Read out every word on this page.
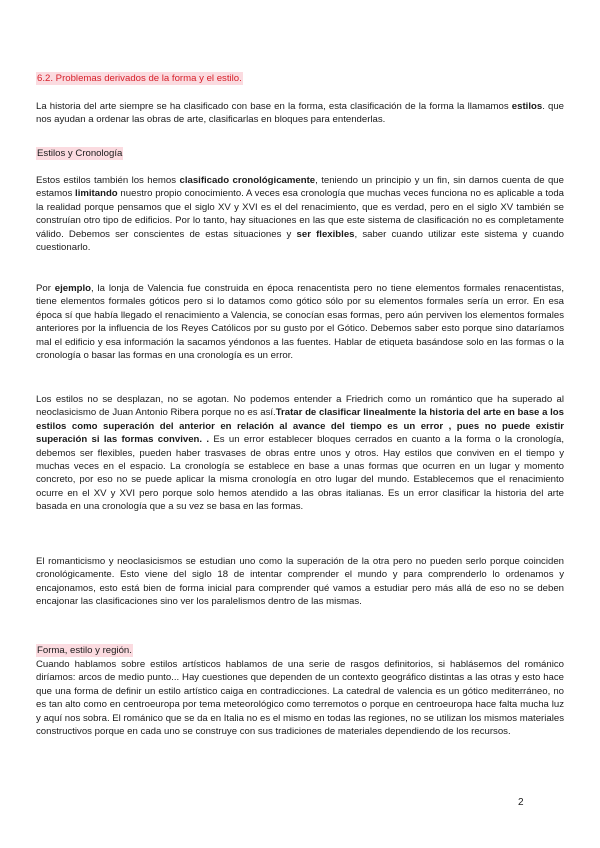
6.2. Problemas derivados de la forma y el estilo.

La historia del arte siempre se ha clasificado con base en la forma, esta clasificación de la forma la llamamos estilos. que nos ayudan a ordenar las obras de arte, clasificarlas en bloques para entenderlas.

Estilos y Cronología

Estos estilos también los hemos clasificado cronológicamente, teniendo un principio y un fin, sin darnos cuenta de que estamos limitando nuestro propio conocimiento. A veces esa cronología que muchas veces funciona no es aplicable a toda la realidad porque pensamos que el siglo XV y XVI es el del renacimiento, que es verdad, pero en el siglo XV también se construían otro tipo de edificios. Por lo tanto, hay situaciones en las que este sistema de clasificación no es completamente válido. Debemos ser conscientes de estas situaciones y ser flexibles, saber cuando utilizar este sistema y cuando cuestionarlo.

Por ejemplo, la lonja de Valencia fue construida en época renacentista pero no tiene elementos formales renacentistas, tiene elementos formales góticos pero si lo datamos como gótico sólo por su elementos formales sería un error. En esa época sí que había llegado el renacimiento a Valencia, se conocían esas formas, pero aún perviven los elementos formales anteriores por la influencia de los Reyes Católicos por su gusto por el Gótico. Debemos saber esto porque sino dataríamos mal el edificio y esa información la sacamos yéndonos a las fuentes. Hablar de etiqueta basándose solo en las formas o la cronología o basar las formas en una cronología es un error.

Los estilos no se desplazan, no se agotan. No podemos entender a Friedrich como un romántico que ha superado al neoclasicismo de Juan Antonio Ribera porque no es así.Tratar de clasificar linealmente la historia del arte en base a los estilos como superación del anterior en relación al avance del tiempo es un error , pues no puede existir superación si las formas conviven. . Es un error establecer bloques cerrados en cuanto a la forma o la cronología, debemos ser flexibles, pueden haber trasvases de obras entre unos y otros. Hay estilos que conviven en el tiempo y muchas veces en el espacio. La cronología se establece en base a unas formas que ocurren en un lugar y momento concreto, por eso no se puede aplicar la misma cronología en otro lugar del mundo. Establecemos que el renacimiento ocurre en el XV y XVI pero porque solo hemos atendido a las obras italianas. Es un error clasificar la historia del arte basada en una cronología que a su vez se basa en las formas.

El romanticismo y neoclasicismos se estudian uno como la superación de la otra pero no pueden serlo porque coinciden cronológicamente. Esto viene del siglo 18 de intentar comprender el mundo y para comprenderlo lo ordenamos y encajonamos, esto está bien de forma inicial para comprender qué vamos a estudiar pero más allá de eso no se deben encajonar las clasificaciones sino ver los paralelismos dentro de las mismas.

Forma, estilo y región.

Cuando hablamos sobre estilos artísticos hablamos de una serie de rasgos definitorios, si hablásemos del románico diríamos: arcos de medio punto... Hay cuestiones que dependen de un contexto geográfico distintas a las otras y esto hace que una forma de definir un estilo artístico caiga en contradicciones. La catedral de valencia es un gótico mediterráneo, no es tan alto como en centroeuropa por tema meteorológico como terremotos o porque en centroeuropa hace falta mucha luz y aquí nos sobra. El románico que se da en Italia no es el mismo en todas las regiones, no se utilizan los mismos materiales constructivos porque en cada uno se construye con sus tradiciones de materiales dependiendo de los recursos.

2
